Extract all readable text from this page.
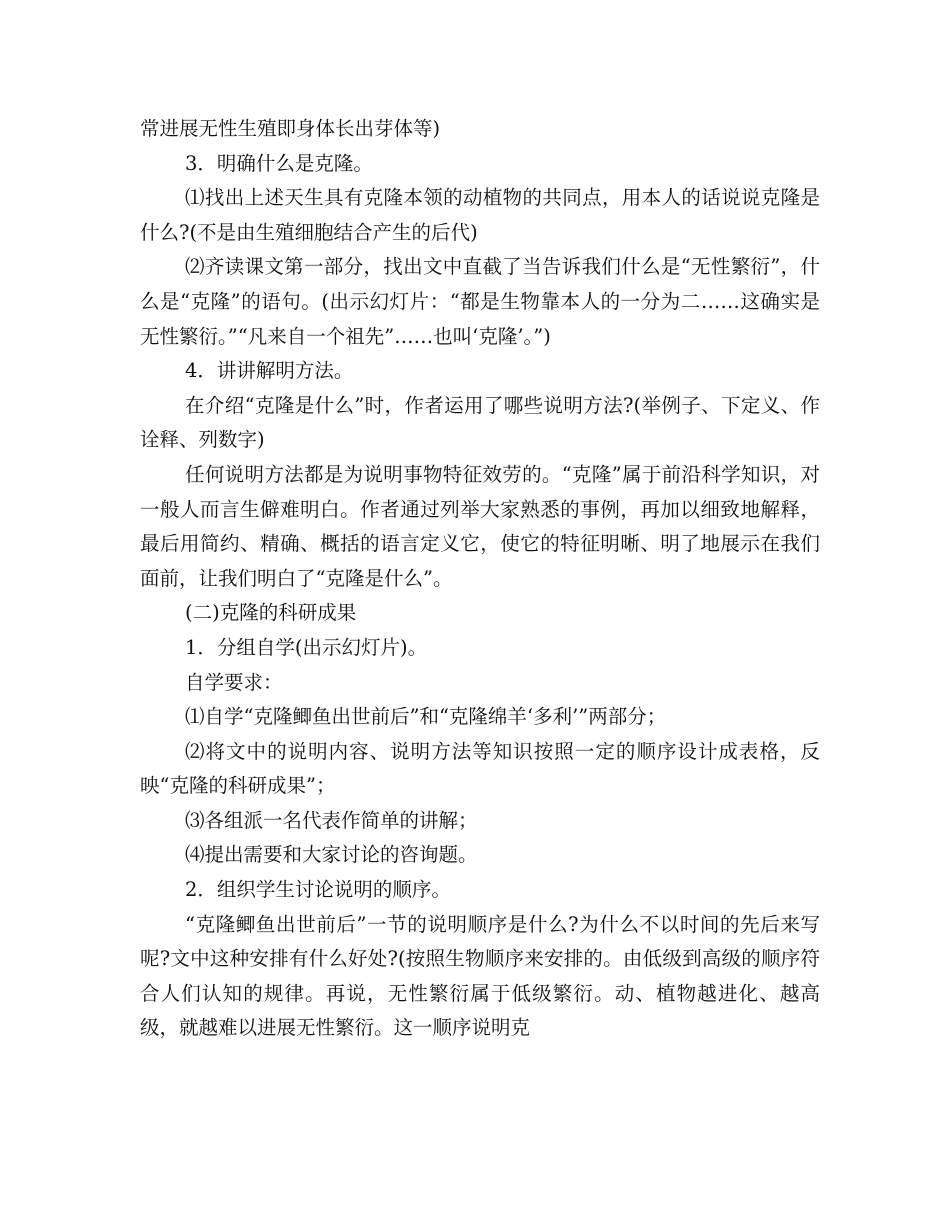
常进展无性生殖即身体长出芽体等)

3．明确什么是克隆。

⑴找出上述天生具有克隆本领的动植物的共同点，用本人的话说说克隆是什么?(不是由生殖细胞结合产生的后代)

⑵齐读课文第一部分，找出文中直截了当告诉我们什么是“无性繁衍”，什么是“克隆”的语句。(出示幻灯片：“都是生物靠本人的一分为二……这确实是无性繁衍。”“凡来自一个祖先”……也叫‘克隆’。”)

4．讲讲解明方法。

在介绍“克隆是什么”时，作者运用了哪些说明方法?(举例子、下定义、作诠释、列数字)

任何说明方法都是为说明事物特征效劳的。“克隆”属于前沿科学知识，对一般人而言生僻难明白。作者通过列举大家熟悉的事例，再加以细致地解释，最后用简约、精确、概括的语言定义它，使它的特征明晰、明了地展示在我们面前，让我们明白了“克隆是什么”。

(二)克隆的科研成果

1．分组自学(出示幻灯片)。

自学要求：

⑴自学“克隆鲫鱼出世前后”和“克隆绵羊‘多利’”两部分；

⑵将文中的说明内容、说明方法等知识按照一定的顺序设计成表格，反映“克隆的科研成果”；

⑶各组派一名代表作简单的讲解；

⑷提出需要和大家讨论的咨询题。

2．组织学生讨论说明的顺序。

“克隆鲫鱼出世前后”一节的说明顺序是什么?为什么不以时间的先后来写呢?文中这种安排有什么好处?(按照生物顺序来安排的。由低级到高级的顺序符合人们认知的规律。再说，无性繁衍属于低级繁衍。动、植物越进化、越高级，就越难以进展无性繁衍。这一顺序说明克
